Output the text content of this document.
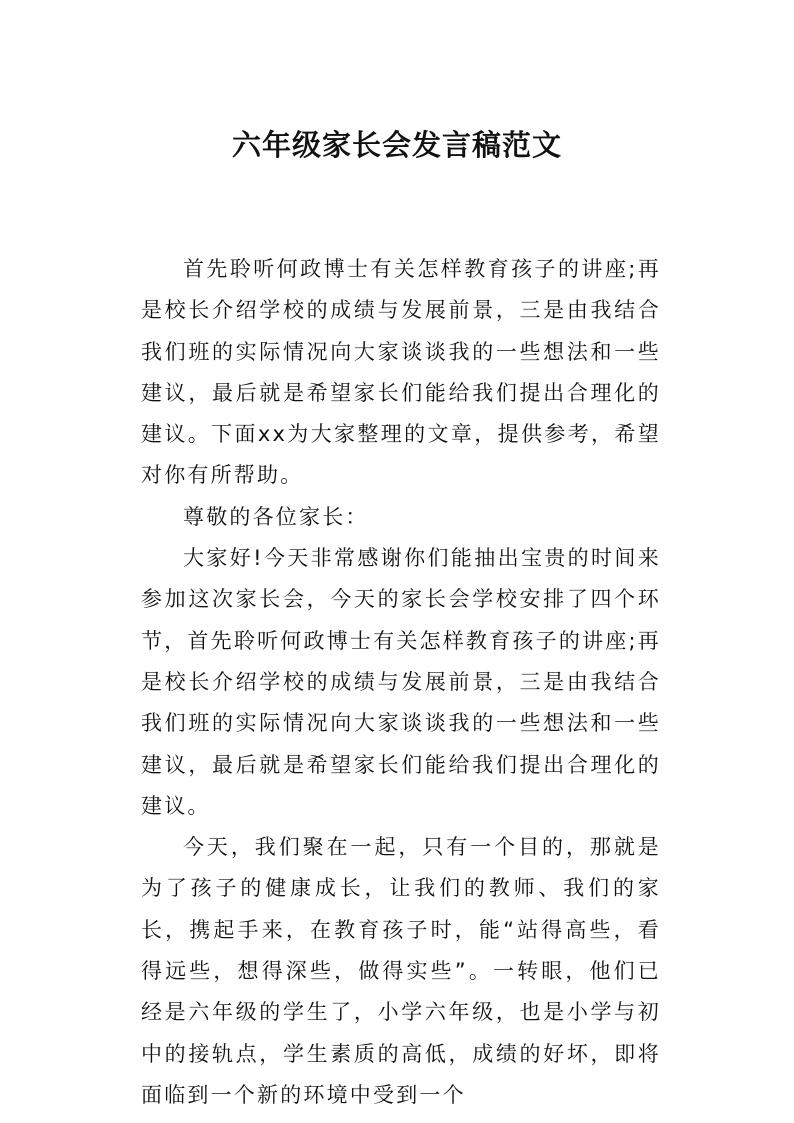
六年级家长会发言稿范文

首先聆听何政博士有关怎样教育孩子的讲座;再是校长介绍学校的成绩与发展前景，三是由我结合我们班的实际情况向大家谈谈我的一些想法和一些建议，最后就是希望家长们能给我们提出合理化的建议。下面xx为大家整理的文章，提供参考，希望对你有所帮助。

尊敬的各位家长：

大家好!今天非常感谢你们能抽出宝贵的时间来参加这次家长会，今天的家长会学校安排了四个环节，首先聆听何政博士有关怎样教育孩子的讲座;再是校长介绍学校的成绩与发展前景，三是由我结合我们班的实际情况向大家谈谈我的一些想法和一些建议，最后就是希望家长们能给我们提出合理化的建议。

今天，我们聚在一起，只有一个目的，那就是为了孩子的健康成长，让我们的教师、我们的家长，携起手来，在教育孩子时，能“站得高些，看得远些，想得深些，做得实些”。一转眼，他们已经是六年级的学生了，小学六年级，也是小学与初中的接轨点，学生素质的高低，成绩的好坏，即将面临到一个新的环境中受到一个
